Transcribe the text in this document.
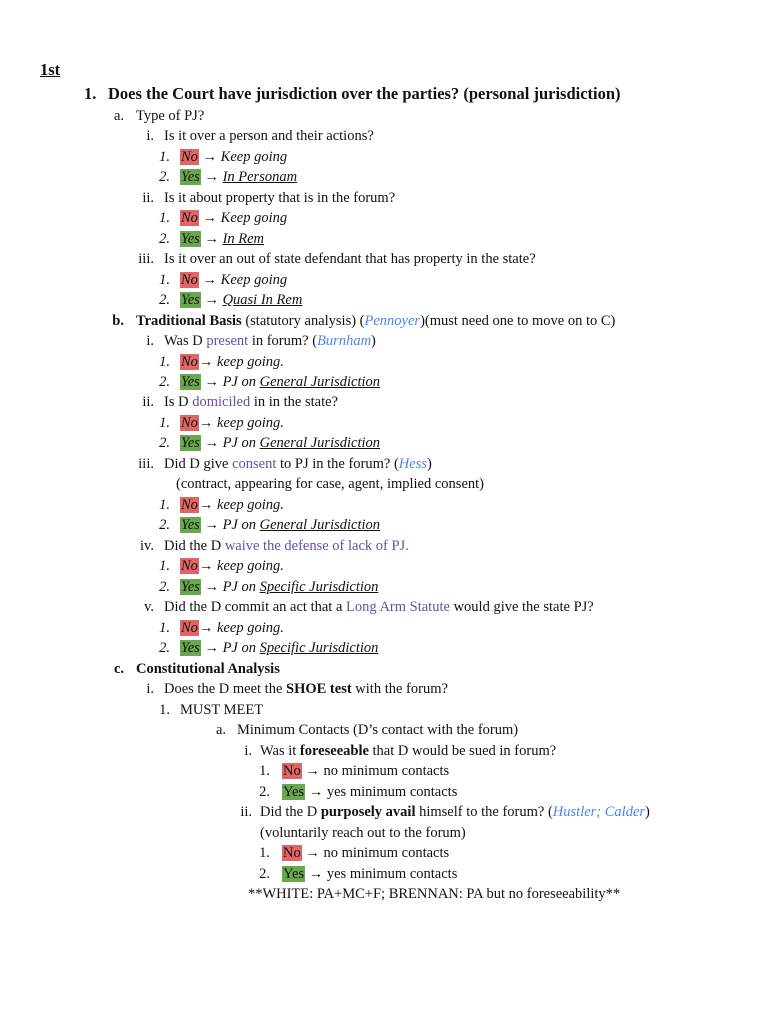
1st
1. Does the Court have jurisdiction over the parties? (personal jurisdiction)
a. Type of PJ?
i. Is it over a person and their actions?
1. No → Keep going
2. Yes → In Personam
ii. Is it about property that is in the forum?
1. No → Keep going
2. Yes → In Rem
iii. Is it over an out of state defendant that has property in the state?
1. No → Keep going
2. Yes → Quasi In Rem
b. Traditional Basis (statutory analysis) (Pennoyer)(must need one to move on to C)
i. Was D present in forum? (Burnham)
1. No→ keep going.
2. Yes → PJ on General Jurisdiction
ii. Is D domiciled in in the state?
1. No→ keep going.
2. Yes → PJ on General Jurisdiction
iii. Did D give consent to PJ in the forum? (Hess)
(contract, appearing for case, agent, implied consent)
1. No→ keep going.
2. Yes → PJ on General Jurisdiction
iv. Did the D waive the defense of lack of PJ.
1. No→ keep going.
2. Yes → PJ on Specific Jurisdiction
v. Did the D commit an act that a Long Arm Statute would give the state PJ?
1. No→ keep going.
2. Yes → PJ on Specific Jurisdiction
c. Constitutional Analysis
i. Does the D meet the SHOE test with the forum?
1. MUST MEET
a. Minimum Contacts (D’s contact with the forum)
i. Was it foreseeable that D would be sued in forum?
1. No → no minimum contacts
2. Yes → yes minimum contacts
ii. Did the D purposely avail himself to the forum? (Hustler; Calder)
(voluntarily reach out to the forum)
1. No → no minimum contacts
2. Yes → yes minimum contacts
**WHITE: PA+MC+F; BRENNAN: PA but no foreseeability**
